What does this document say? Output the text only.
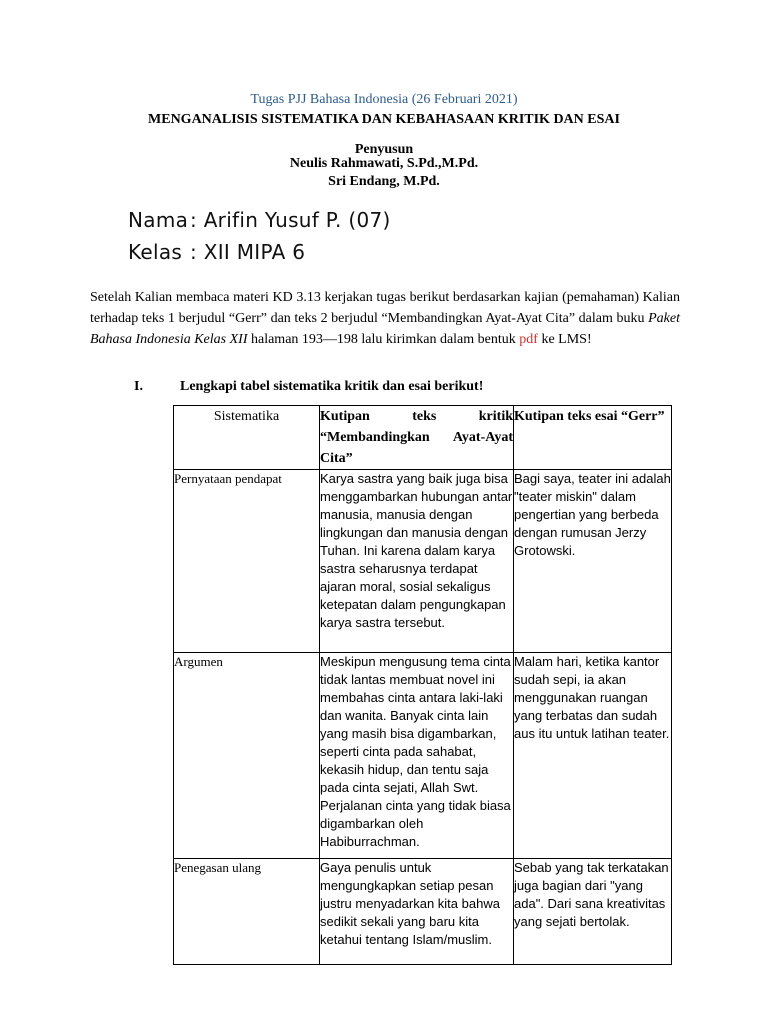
Tugas PJJ Bahasa Indonesia (26 Februari 2021)
MENGANALISIS SISTEMATIKA DAN KEBAHASAAN KRITIK DAN ESAI
Penyusun
Neulis Rahmawati, S.Pd.,M.Pd.
Sri Endang, M.Pd.
Nama: Arifin Yusuf P. (07)
Kelas : XII MIPA 6
Setelah Kalian membaca materi KD 3.13 kerjakan tugas berikut berdasarkan kajian (pemahaman) Kalian terhadap teks 1 berjudul “Gerr” dan teks 2 berjudul “Membandingkan Ayat-Ayat Cita” dalam buku Paket Bahasa Indonesia Kelas XII halaman 193—198 lalu kirimkan dalam bentuk pdf ke LMS!
I.	Lengkapi tabel sistematika kritik dan esai berikut!
Sistematika	Kutipan teks kritik “Membandingkan Ayat-Ayat Cita”	Kutipan teks esai “Gerr”
Pernyataan pendapat	Karya sastra yang baik juga bisa menggambarkan hubungan antar manusia, manusia dengan lingkungan dan manusia dengan Tuhan. Ini karena dalam karya sastra seharusnya terdapat ajaran moral, sosial sekaligus ketepatan dalam pengungkapan karya sastra tersebut.	Bagi saya, teater ini adalah "teater miskin" dalam pengertian yang berbeda dengan rumusan Jerzy Grotowski.
Argumen	Meskipun mengusung tema cinta tidak lantas membuat novel ini membahas cinta antara laki-laki dan wanita. Banyak cinta lain yang masih bisa digambarkan, seperti cinta pada sahabat, kekasih hidup, dan tentu saja pada cinta sejati, Allah Swt. Perjalanan cinta yang tidak biasa digambarkan oleh Habiburrachman.	Malam hari, ketika kantor sudah sepi, ia akan menggunakan ruangan yang terbatas dan sudah aus itu untuk latihan teater.
Penegasan ulang	Gaya penulis untuk mengungkapkan setiap pesan justru menyadarkan kita bahwa sedikit sekali yang baru kita ketahui tentang Islam/muslim.	Sebab yang tak terkatakan juga bagian dari "yang ada". Dari sana kreativitas yang sejati bertolak.
